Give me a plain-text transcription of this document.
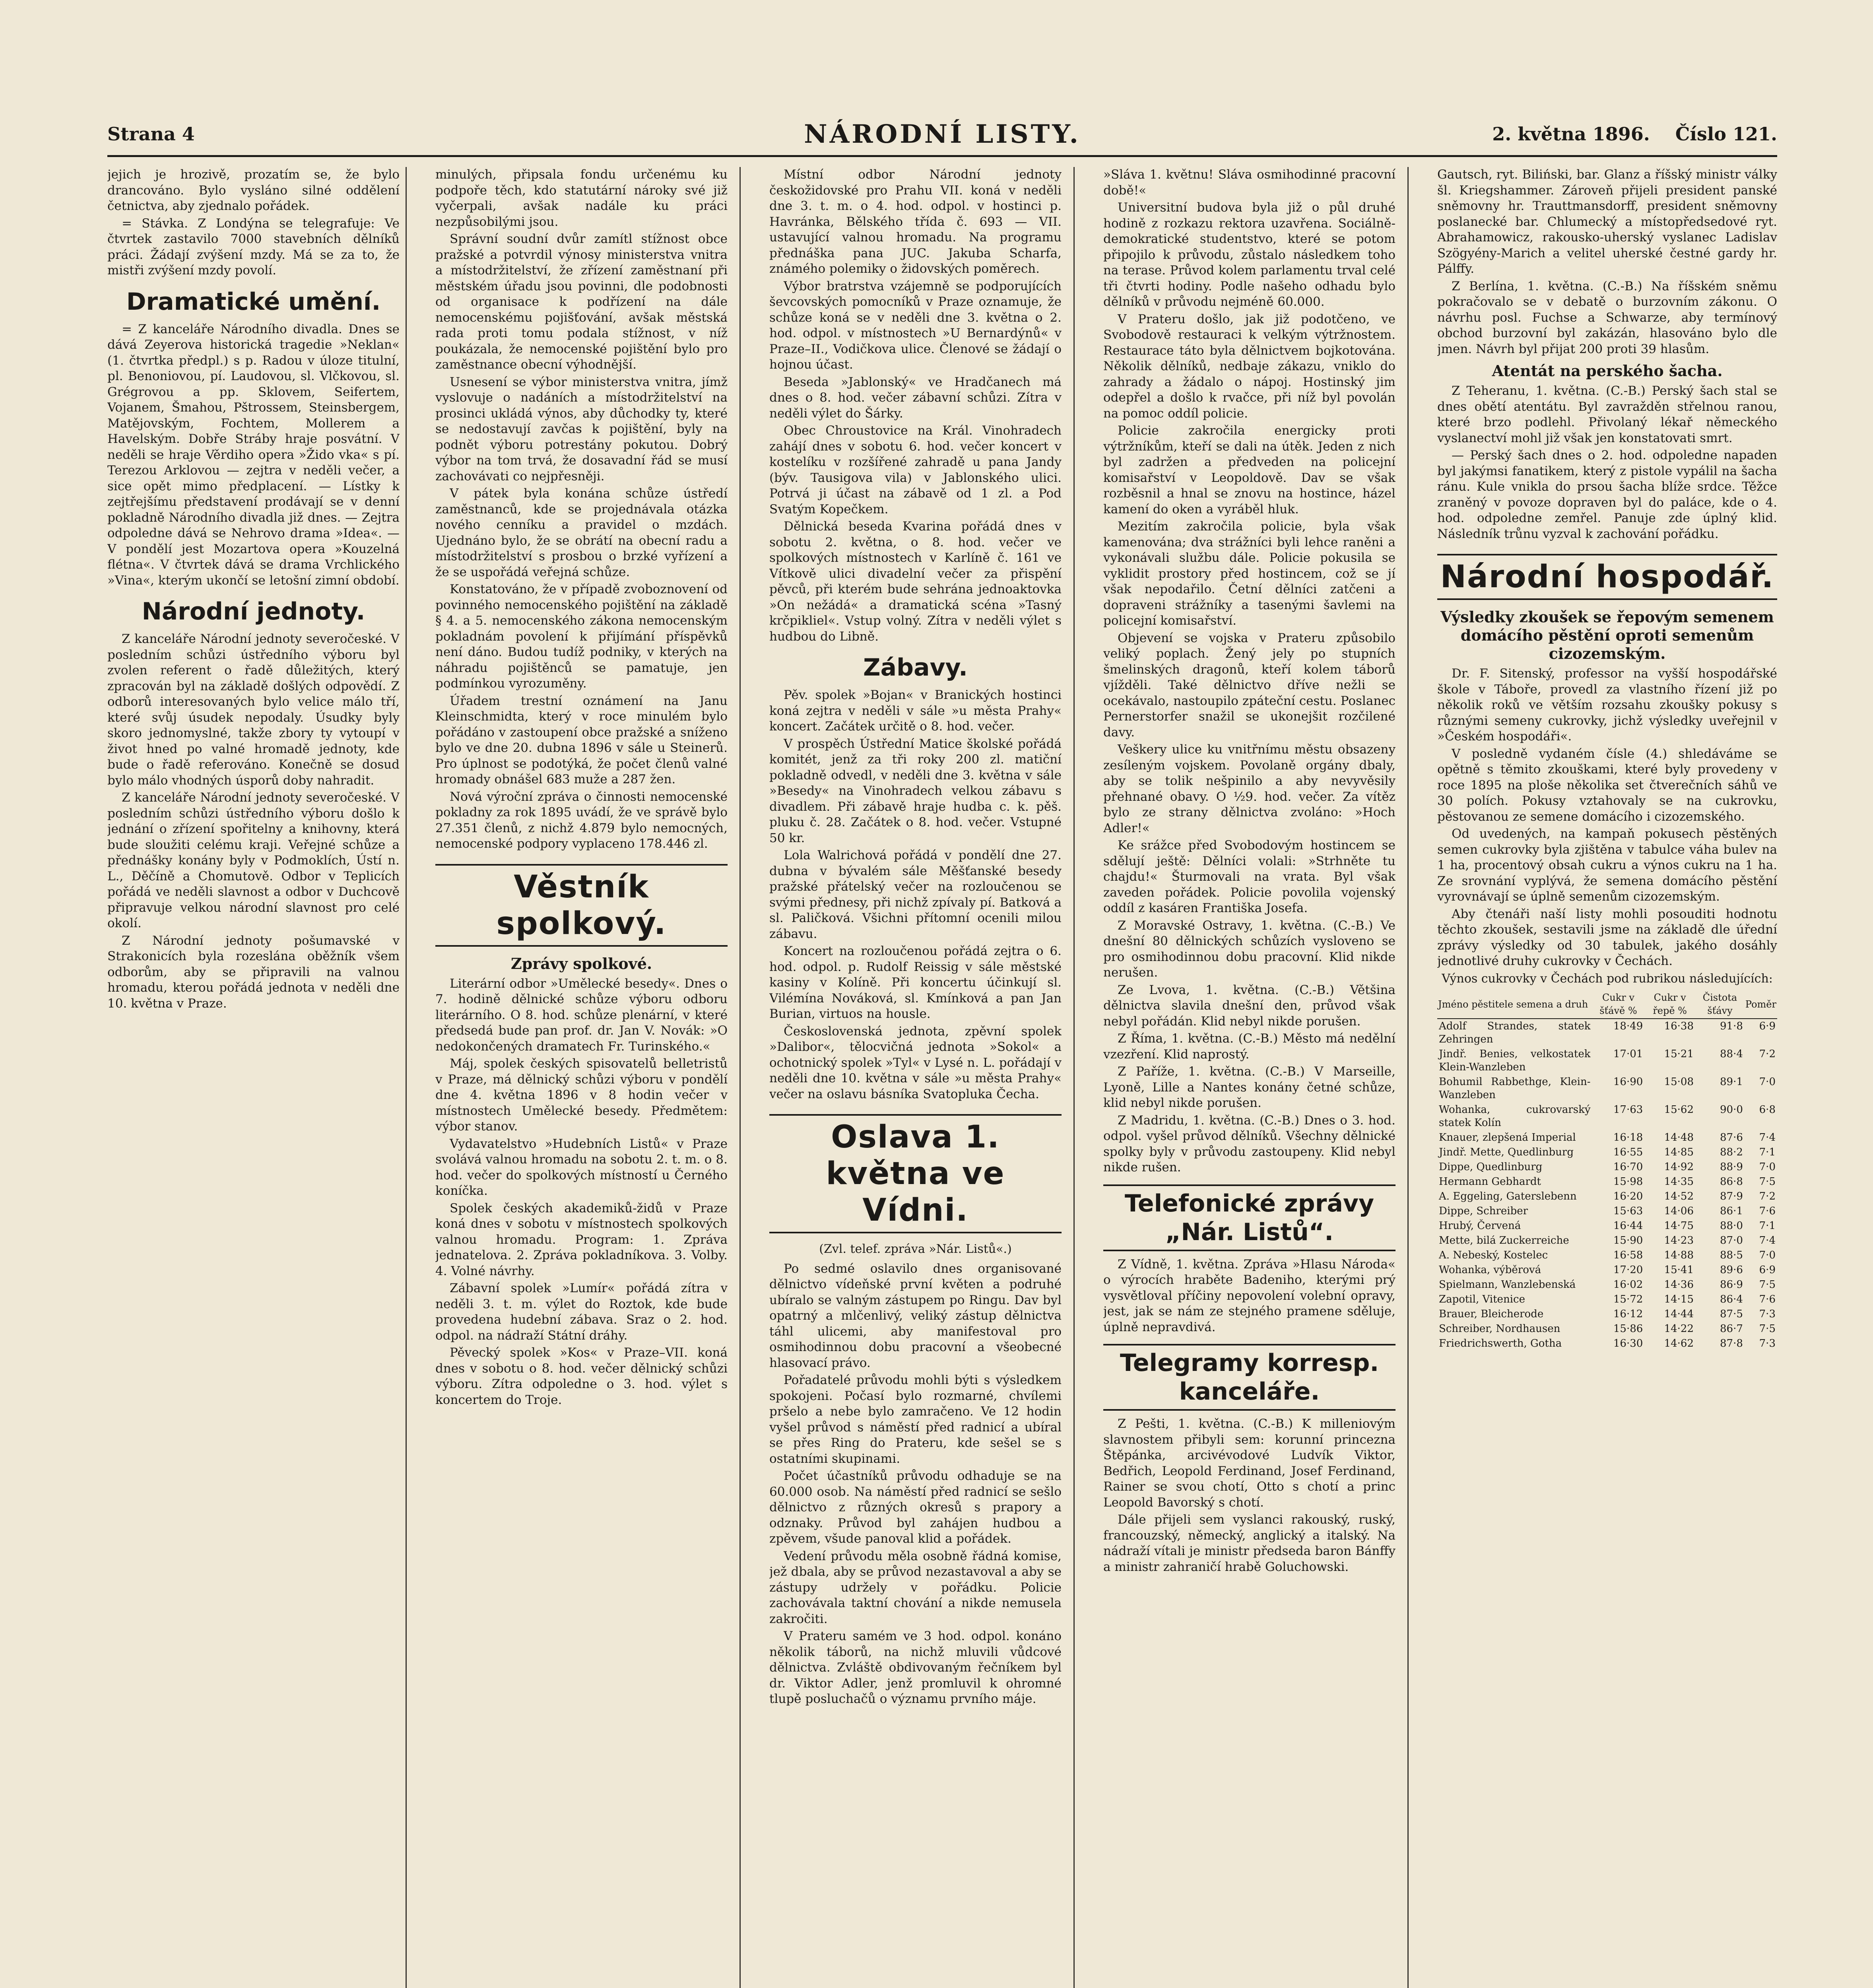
Strana 4	NÁRODNÍ LISTY.	2. května 1896. Číslo 121.

jejich je hrozivě, prozatím se, že bylo drancováno. Bylo vysláno silné oddělení četnictva, aby zjednalo pořádek.

= Stávka. Z Londýna se telegrafuje: Ve čtvrtek zastavilo 7000 stavebních dělníků práci. Žádají zvýšení mzdy. Má se za to, že mistři zvýšení mzdy povolí.

Dramatické umění.

= Z kanceláře Národního divadla. Dnes se dává Zeyerova historická tragedie »Neklan« (1. čtvrtka předpl.) s p. Radou v úloze titulní, pl. Benoniovou, pí. Laudovou, sl. Vlčkovou, sl. Grégrovou a pp. Sklovem, Seifertem, Vojanem, Šmahou, Pštrossem, Steinsbergem, Matějovským, Fochtem, Mollerem a Havelským. Dobře Stráby hraje posvátní. V neděli se hraje Věrdiho opera »Žido vka« s pí. Terezou Arklovou — zejtra v neděli večer, a sice opět mimo předplacení. — Lístky k zejtřejšímu představení prodávají se v denní pokladně Národního divadla již dnes. — Zejtra odpoledne dává se Nehrovo drama »Idea«. — V pondělí jest Mozartova opera »Kouzelná flétna«. V čtvrtek dává se drama Vrchlického »Vina«, kterým ukončí se letošní zimní období.

Národní jednoty.

Z kanceláře Národní jednoty severočeské. V posledním schůzi ústředního výboru byl zvolen referent o řadě důležitých, který zpracován byl na základě došlých odpovědí. Z odborů interesovaných bylo velice málo tří, které svůj úsudek nepodaly. Úsudky byly skoro jednomyslné, takže zbory ty vytoupí v život hned po valné hromadě jednoty, kde bude o řadě referováno. Konečně se dosud bylo málo vhodných úsporů doby nahradit.

Z kanceláře Národní jednoty severočeské. V posledním schůzi ústředního výboru došlo k jednání o zřízení spořitelny a knihovny, která bude sloužiti celému kraji. Veřejné schůze a přednášky konány byly v Podmoklích, Ústí n. L., Děčíně a Chomutově. Odbor v Teplicích pořádá ve neděli slavnost a odbor v Duchcově připravuje velkou národní slavnost pro celé okolí.

Z Národní jednoty pošumavské v Strakonicích byla rozeslána oběžník všem odborům, aby se připravili na valnou hromadu, kterou pořádá jednota v neděli dne 10. května v Praze.

minulých, připsala fondu určenému ku podpoře těch, kdo statutární nároky své již vyčerpali, avšak nadále ku práci nezpůsobilými jsou.

Správní soudní dvůr zamítl stížnost obce pražské a potvrdil výnosy ministerstva vnitra a místodržitelství, že zřízení zaměstnaní při městském úřadu jsou povinni, dle podobnosti od organisace k podřízení na dále nemocenskému pojišťování, avšak městská rada proti tomu podala stížnost, v níž poukázala, že nemocenské pojištění bylo pro zaměstnance obecní výhodnější.

Usnesení se výbor ministerstva vnitra, jímž vyslovuje o nadáních a místodržitelství na prosinci ukládá výnos, aby důchodky ty, které se nedostavují zavčas k pojištění, byly na podnět výboru potrestány pokutou. Dobrý výbor na tom trvá, že dosavadní řád se musí zachovávati co nejpřesněji.

V pátek byla konána schůze ústředí zaměstnanců, kde se projednávala otázka nového cenníku a pravidel o mzdách. Ujednáno bylo, že se obrátí na obecní radu a místodržitelství s prosbou o brzké vyřízení a že se uspořádá veřejná schůze.

Konstatováno, že v případě zvoboznovení od povinného nemocenského pojištění na základě § 4. a 5. nemocenského zákona nemocenským pokladnám povolení k přijímání příspěvků není dáno. Budou tudíž podniky, v kterých na náhradu pojištěnců se pamatuje, jen podmínkou vyrozuměny.

Úřadem trestní oznámení na Janu Kleinschmidta, který v roce minulém bylo pořádáno v zastoupení obce pražské a sníženo bylo ve dne 20. dubna 1896 v sále u Steinerů. Pro úplnost se podotýká, že počet členů valné hromady obnášel 683 muže a 287 žen.

Nová výroční zpráva o činnosti nemocenské pokladny za rok 1895 uvádí, že ve správě bylo 27.351 členů, z nichž 4.879 bylo nemocných, nemocenské podpory vyplaceno 178.446 zl.

Věstník spolkový.
Zprávy spolkové.

Literární odbor »Umělecké besedy«. Dnes o 7. hodině dělnické schůze výboru odboru literárního. O 8. hod. schůze plenární, v které předsedá bude pan prof. dr. Jan V. Novák: »O nedokončených dramatech Fr. Turinského.«

Máj, spolek českých spisovatelů belletristů v Praze, má dělnický schůzi výboru v pondělí dne 4. května 1896 v 8 hodin večer v místnostech Umělecké besedy. Předmětem: výbor stanov.

Vydavatelstvo »Hudebních Listů« v Praze svolává valnou hromadu na sobotu 2. t. m. o 8. hod. večer do spolkových místností u Černého koníčka.

Spolek českých akademiků-židů v Praze koná dnes v sobotu v místnostech spolkových valnou hromadu. Program: 1. Zpráva jednatelova. 2. Zpráva pokladníkova. 3. Volby. 4. Volné návrhy.

Zábavní spolek »Lumír« pořádá zítra v neděli 3. t. m. výlet do Roztok, kde bude provedena hudební zábava. Sraz o 2. hod. odpol. na nádraží Státní dráhy.

Pěvecký spolek »Kos« v Praze–VII. koná dnes v sobotu o 8. hod. večer dělnický schůzi výboru. Zítra odpoledne o 3. hod. výlet s koncertem do Troje.

Místní odbor Národní jednoty českožidovské pro Prahu VII. koná v neděli dne 3. t. m. o 4. hod. odpol. v hostinci p. Havránka, Bělského třída č. 693 — VII. ustavující valnou hromadu. Na programu přednáška pana JUC. Jakuba Scharfa, známého polemiky o židovských poměrech.

Výbor bratrstva vzájemně se podporujících ševcovských pomocníků v Praze oznamuje, že schůze koná se v neděli dne 3. května o 2. hod. odpol. v místnostech »U Bernardýnů« v Praze–II., Vodičkova ulice. Členové se žádají o hojnou účast.

Beseda »Jablonský« ve Hradčanech má dnes o 8. hod. večer zábavní schůzi. Zítra v neděli výlet do Šárky.

Obec Chroustovice na Král. Vinohradech zahájí dnes v sobotu 6. hod. večer koncert v kostelíku v rozšířené zahradě u pana Jandy (býv. Tausigova vila) v Jablonského ulici. Potrvá ji účast na zábavě od 1 zl. a Pod Svatým Kopečkem.

Dělnická beseda Kvarina pořádá dnes v sobotu 2. května, o 8. hod. večer ve spolkových místnostech v Karlíně č. 161 ve Vítkově ulici divadelní večer za přispění pěvců, při kterém bude sehrána jednoaktovka »On nežádá« a dramatická scéna »Tasný krčpikliel«. Vstup volný. Zítra v neděli výlet s hudbou do Libně.

Zábavy.

Pěv. spolek »Bojan« v Branických hostinci koná zejtra v neděli v sále »u města Prahy« koncert. Začátek určitě o 8. hod. večer.

V prospěch Ústřední Matice školské pořádá komitét, jenž za tři roky 200 zl. matiční pokladně odvedl, v neděli dne 3. května v sále »Besedy« na Vinohradech velkou zábavu s divadlem. Při zábavě hraje hudba c. k. pěš. pluku č. 28. Začátek o 8. hod. večer. Vstupné 50 kr.

Lola Walrichová pořádá v pondělí dne 27. dubna v bývalém sále Měšťanské besedy pražské přátelský večer na rozloučenou se svými přednesy, při nichž zpívaly pí. Batková a sl. Paličková. Všichni přítomní ocenili milou zábavu.

Koncert na rozloučenou pořádá zejtra o 6. hod. odpol. p. Rudolf Reissig v sále městské kasiny v Kolíně. Při koncertu účinkují sl. Vilémína Nováková, sl. Kmínková a pan Jan Burian, virtuos na housle.

Československá jednota, zpěvní spolek »Dalibor«, tělocvičná jednota »Sokol« a ochotnický spolek »Tyl« v Lysé n. L. pořádají v neděli dne 10. května v sále »u města Prahy« večer na oslavu básníka Svatopluka Čecha.

Oslava 1. května ve Vídni.
(Zvl. telef. zpráva »Nár. Listů«.)

Po sedmé oslavilo dnes organisované dělnictvo vídeňské první květen a podruhé ubíralo se valným zástupem po Ringu. Dav byl opatrný a mlčenlivý, veliký zástup dělnictva táhl ulicemi, aby manifestoval pro osmihodinnou dobu pracovní a všeobecné hlasovací právo.

Pořadatelé průvodu mohli býti s výsledkem spokojeni. Počasí bylo rozmarné, chvílemi pršelo a nebe bylo zamračeno. Ve 12 hodin vyšel průvod s náměstí před radnicí a ubíral se přes Ring do Prateru, kde sešel se s ostatními skupinami.

Počet účastníků průvodu odhaduje se na 60.000 osob. Na náměstí před radnicí se sešlo dělnictvo z různých okresů s prapory a odznaky. Průvod byl zahájen hudbou a zpěvem, všude panoval klid a pořádek.

Vedení průvodu měla osobně řádná komise, jež dbala, aby se průvod nezastavoval a aby se zástupy udržely v pořádku. Policie zachovávala taktní chování a nikde nemusela zakročiti.

V Prateru samém ve 3 hod. odpol. konáno několik táborů, na nichž mluvili vůdcové dělnictva. Zvláště obdivovaným řečníkem byl dr. Viktor Adler, jenž promluvil k ohromné tlupě posluchačů o významu prvního máje.

»Sláva 1. květnu! Sláva osmihodinné pracovní době!«

Universitní budova byla již o půl druhé hodině z rozkazu rektora uzavřena. Sociálně-demokratické studentstvo, které se potom připojilo k průvodu, zůstalo následkem toho na terase. Průvod kolem parlamentu trval celé tři čtvrti hodiny. Podle našeho odhadu bylo dělníků v průvodu nejméně 60.000.

V Prateru došlo, jak již podotčeno, ve Svobodově restauraci k velkým výtržnostem. Restaurace táto byla dělnictvem bojkotována. Několik dělníků, nedbaje zákazu, vniklo do zahrady a žádalo o nápoj. Hostinský jim odepřel a došlo k rvačce, při níž byl povolán na pomoc oddíl policie.

Policie zakročila energicky proti výtržníkům, kteří se dali na útěk. Jeden z nich byl zadržen a předveden na policejní komisařství v Leopoldově. Dav se však rozběsnil a hnal se znovu na hostince, házel kamení do oken a vyráběl hluk.

Mezitím zakročila policie, byla však kamenována; dva strážníci byli lehce raněni a vykonávali službu dále. Policie pokusila se vyklidit prostory před hostincem, což se jí však nepodařilo. Četní dělníci zatčeni a dopraveni strážníky a tasenými šavlemi na policejní komisařství.

Objevení se vojska v Prateru způsobilo veliký poplach. Žený jely po stupních šmelinských dragonů, kteří kolem táborů vjížděli. Také dělnictvo dříve nežli se ocekávalo, nastoupilo zpáteční cestu. Poslanec Pernerstorfer snažil se ukonejšit rozčilené davy.

Veškery ulice ku vnitřnímu městu obsazeny zesíleným vojskem. Povolaně orgány dbaly, aby se tolik nešpinilo a aby nevyvěsily přehnané obavy. O ½9. hod. večer. Za vítěz bylo ze strany dělnictva zvoláno: »Hoch Adler!«

Ke srážce před Svobodovým hostincem se sdělují ještě: Dělníci volali: »Strhněte tu chajdu!« Šturmovali na vrata. Byl však zaveden pořádek. Policie povolila vojenský oddíl z kasáren Františka Josefa.

Z Moravské Ostravy, 1. května. (C.-B.) Ve dnešní 80 dělnických schůzích vysloveno se pro osmihodinnou dobu pracovní. Klid nikde nerušen.

Ze Lvova, 1. května. (C.-B.) Většina dělnictva slavila dnešní den, průvod však nebyl pořádán. Klid nebyl nikde porušen.

Z Římа, 1. května. (C.-B.) Město má nedělní vzezření. Klid naprostý.

Z Paříže, 1. května. (C.-B.) V Marseille, Lyoně, Lille a Nantes konány četné schůze, klid nebyl nikde porušen.

Z Madridu, 1. května. (C.-B.) Dnes o 3. hod. odpol. vyšel průvod dělníků. Všechny dělnické spolky byly v průvodu zastoupeny. Klid nebyl nikde rušen.

Telefonické zprávy „Nár. Listů“.

Z Vídně, 1. května. Zpráva »Hlasu Národa« o výrocích hraběte Badeniho, kterými prý vysvětloval příčiny nepovolení volební opravy, jest, jak se nám ze stejného pramene sděluje, úplně nepravdivá.

Telegramy korresp. kanceláře.

Z Pešti, 1. května. (C.-B.) K milleniovým slavnostem přibyli sem: korunní princezna Štěpánka, arcivévodové Ludvík Viktor, Bedřich, Leopold Ferdinand, Josef Ferdinand, Rainer se svou chotí, Otto s chotí a princ Leopold Bavorský s chotí.

Dále přijeli sem vyslanci rakouský, ruský, francouzský, německý, anglický a italský. Na nádraží vítali je ministr předseda baron Bánffy a ministr zahraničí hrabě Goluchowski.

Gautsch, ryt. Biliński, bar. Glanz a říšský ministr války šl. Kriegshammer. Zároveň přijeli president panské sněmovny hr. Trauttmansdorff, president sněmovny poslanecké bar. Chlumecký a místopředsedové ryt. Abrahamowicz, rakousko-uherský vyslanec Ladislav Szögyény-Marich a velitel uherské čestné gardy hr. Pálffy.

Z Berlína, 1. května. (C.-B.) Na říšském sněmu pokračovalo se v debatě o burzovním zákonu. O návrhu posl. Fuchse a Schwarze, aby termínový obchod burzovní byl zakázán, hlasováno bylo dle jmen. Návrh byl přijat 200 proti 39 hlasům.

Atentát na perského šacha.

Z Teheranu, 1. května. (C.-B.) Perský šach stal se dnes obětí atentátu. Byl zavražděn střelnou ranou, které brzo podlehl. Přivolaný lékař německého vyslanectví mohl již však jen konstatovati smrt.

— Perský šach dnes o 2. hod. odpoledne napaden byl jakýmsi fanatikem, který z pistole vypálil na šacha ránu. Kule vnikla do prsou šacha blíže srdce. Těžce zraněný v povoze dopraven byl do paláce, kde o 4. hod. odpoledne zemřel. Panuje zde úplný klid. Následník trůnu vyzval k zachování pořádku.

Národní hospodář.
Výsledky zkoušek se řepovým semenem domácího pěstění oproti semenům cizozemským.

Dr. F. Sitenský, professor na vyšší hospodářské škole v Táboře, provedl za vlastního řízení již po několik roků ve větším rozsahu zkoušky pokusy s různými semeny cukrovky, jichž výsledky uveřejnil v »Českém hospodáři«.

V posledně vydaném čísle (4.) shledáváme se opětně s těmito zkouškami, které byly provedeny v roce 1895 na ploše několika set čtverečních sáhů ve 30 polích. Pokusy vztahovaly se na cukrovku, pěstovanou ze semene domácího i cizozemského.

Od uvedených, na kampaň pokusech pěstěných semen cukrovky byla zjištěna v tabulce váha bulev na 1 ha, procentový obsah cukru a výnos cukru na 1 ha. Ze srovnání vyplývá, že semena domácího pěstění vyrovnávají se úplně semenům cizozemským.

Aby čtenáři naší listy mohli posouditi hodnotu těchto zkoušek, sestavili jsme na základě dle úřední zprávy výsledky od 30 tabulek, jakého dosáhly jednotlivé druhy cukrovky v Čechách.

Výnos cukrovky v Čechách pod rubrikou následujících:
Jméno pěstitele semena a druh	Cukr v šťávě %	Cukr v řepě %	Čistota šťávy	Poměr
Adolf Strandes, statek Zehringen	18·49	16·38	91·8	6·9
Jindř. Benies, velkostatek Klein-Wanzleben	17·01	15·21	88·4	7·2
Bohumil Rabbethge, Klein-Wanzleben	16·90	15·08	89·1	7·0
Wohanka, cukrovarský statek Kolín	17·63	15·62	90·0	6·8
Knauer, zlepšená Imperial	16·18	14·48	87·6	7·4
Jindř. Mette, Quedlinburg	16·55	14·85	88·2	7·1
Dippe, Quedlinburg	16·70	14·92	88·9	7·0
Hermann Gebhardt	15·98	14·35	86·8	7·5
A. Eggeling, Gaterslebenn	16·20	14·52	87·9	7·2
Dippe, Schreiber	15·63	14·06	86·1	7·6
Hrubý, Červená	16·44	14·75	88·0	7·1
Mette, bilá Zuckerreiche	15·90	14·23	87·0	7·4
A. Nebeský, Kostelec	16·58	14·88	88·5	7·0
Wohanka, výběrová	17·20	15·41	89·6	6·9
Spielmann, Wanzlebenská	16·02	14·36	86·9	7·5
Zapotil, Vitenice	15·72	14·15	86·4	7·6
Brauer, Bleicherode	16·12	14·44	87·5	7·3
Schreiber, Nordhausen	15·86	14·22	86·7	7·5
Friedrichswerth, Gotha	16·30	14·62	87·8	7·3
